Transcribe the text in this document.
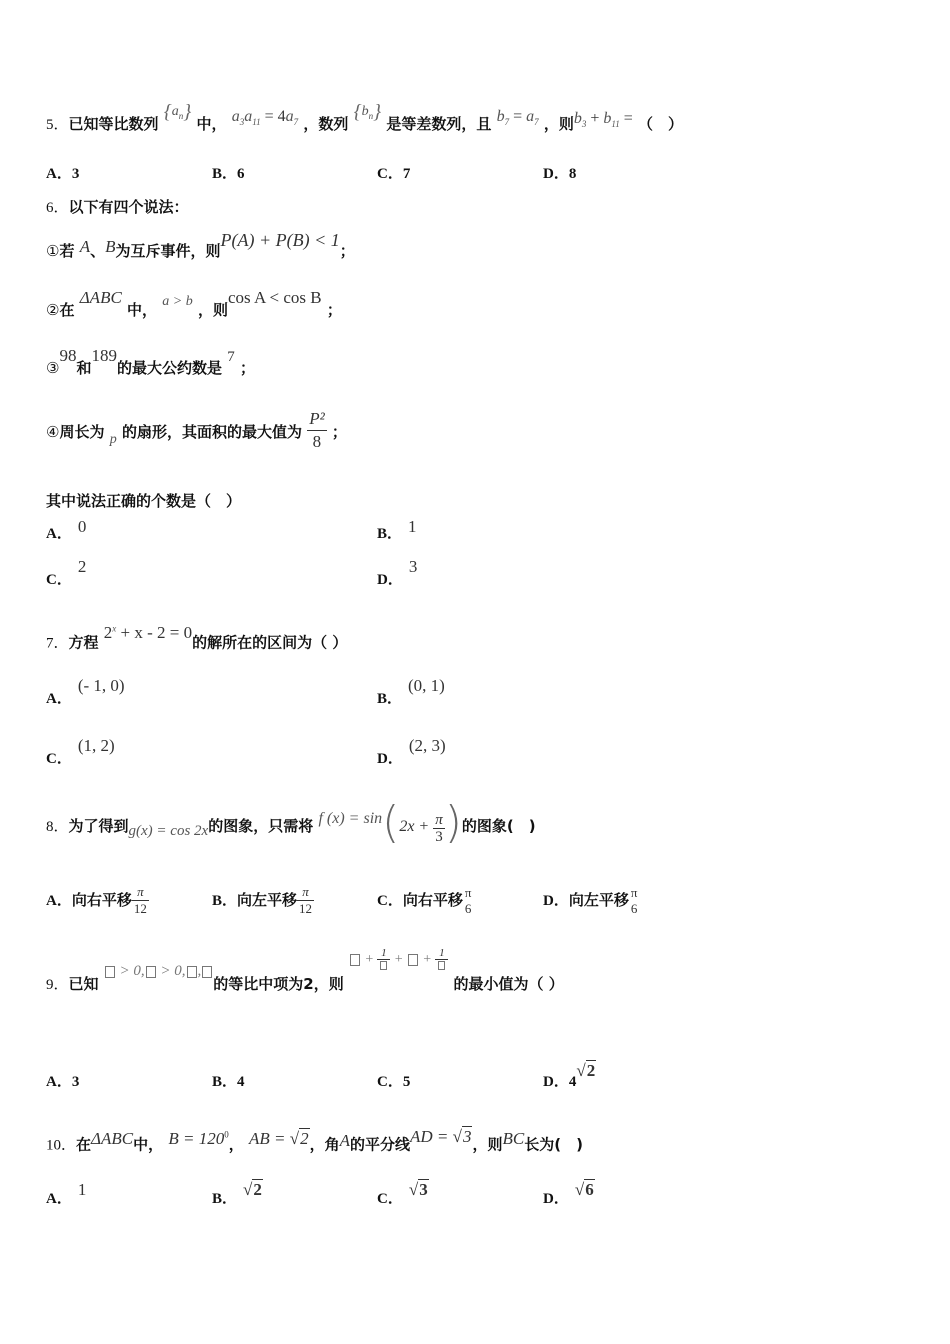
5．已知等比数列 $\{a_n\}$ 中， $a_3a_{11} = 4a_7$ ，数列 $\{b_n\}$ 是等差数列，且 $b_7 = a_7$ ，则$b_3 + b_{11}$ = （　）
A．3	B．6	C．7	D．8
6．以下有四个说法：
①若 A、B为互斥事件，则P(A) + P(B) < 1；
②在 ΔABC 中， a > b ，则cos A < cos B ；
③98和189的最大公约数是 7 ；
④周长为 p 的扇形，其面积的最大值为 $\frac{\text{P²}}{8}$ ；
其中说法正确的个数是（　）
A． 0	B． 1
C．2
D．3
7．方程 $2^x + x - 2 = 0$的解所在的区间为（ ）
A．(- 1, 0)
B．(0, 1)
C．(1, 2)
D．(2, 3)
8．为了得到g(x) = cos 2x的图象，只需将 f $(x) = \sin(2x + \frac{\pi}{3}$ )的图象(　)
A．向右平移 $\frac{\pi}{12}$	B．向左平移 $\frac{\pi}{12}$	C．向右平移 π
6	D．向左平移 π
6
9．已知  > 0, > 0, ,的等比中项为2，则  + 1 + + 1
的最小值为（ ）
A．3	B．4	C．5	D．4√2
10．在ΔABC中， $B = 120^0$， AB = √2，角A的平分线AD = √3，则BC长为(　)
A． 1	B． √2	C． √3	D． √6
